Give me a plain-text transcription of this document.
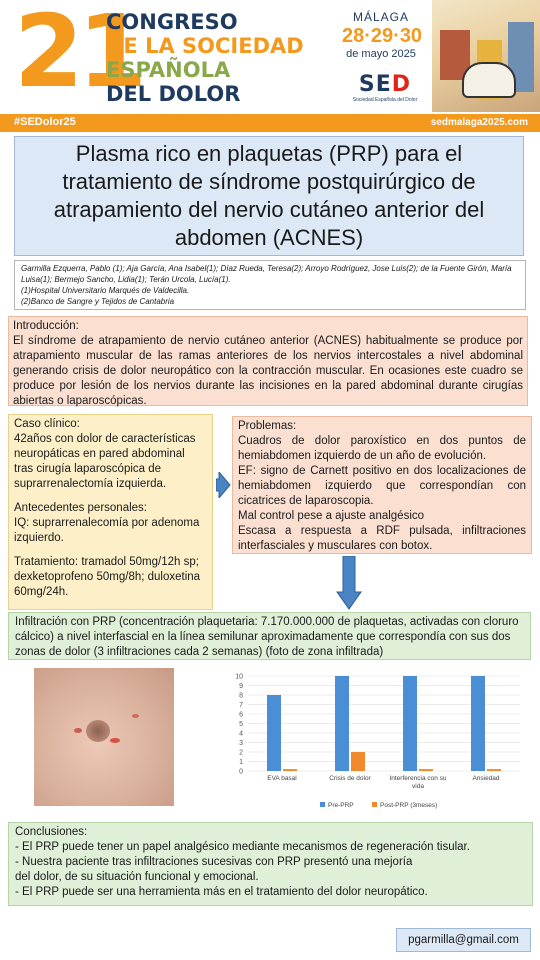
21
CONGRESO
DE LA SOCIEDAD
ESPAÑOLA
DEL DOLOR
MÁLAGA
28·29·30
de mayo 2025
SED
Sociedad Española del Dolor
#SEDolor25	sedmalaga2025.com
Plasma rico en plaquetas (PRP) para el tratamiento de síndrome postquirúrgico de atrapamiento del nervio cutáneo anterior del abdomen (ACNES)
Garmilla Ezquerra, Pablo (1); Aja García, Ana Isabel(1); Díaz Rueda, Teresa(2); Arroyo Rodríguez, Jose Luis(2); de la Fuente Girón, María Luisa(1); Bermejo Sancho, Lidia(1); Terán Urcola, Lucía(1).
(1)Hospital Universitario Marqués de Valdecilla.
(2)Banco de Sangre y Tejidos de Cantabria
Introducción:
El síndrome de atrapamiento de nervio cutáneo anterior (ACNES) habitualmente se produce por atrapamiento muscular de las ramas anteriores de los nervios intercostales a nivel abdominal generando crisis de dolor neuropático con la contracción muscular. En ocasiones este cuadro se produce por lesión de los nervios durante las incisiones en la pared abdominal durante cirugías abiertas o laparoscópicas.
Caso clínico:
42años con dolor de características neuropáticas en pared abdominal tras cirugía laparoscópica de suprarrenalectomía izquierda.
Antecedentes personales:
IQ: suprarrenalecomía por adenoma izquierdo.
Tratamiento: tramadol 50mg/12h sp; dexketoprofeno 50mg/8h; duloxetina 60mg/24h.
Problemas:
Cuadros de dolor paroxístico en dos puntos de hemiabdomen izquierdo de un año de evolución.
EF: signo de Carnett positivo en dos localizaciones de hemiabdomen izquierdo que correspondían con cicatrices de laparoscopia.
Mal control pese a ajuste analgésico
Escasa a respuesta a RDF pulsada, infiltraciones interfasciales y musculares con botox.
Infiltración con PRP (concentración plaquetaria: 7.170.000.000 de plaquetas, activadas con cloruro cálcico) a nivel interfascial en la línea semilunar aproximadamente que correspondía con sus dos zonas de dolor (3 infiltraciones cada 2 semanas) (foto de zona infiltrada)
0
1
2
3
4
5
6
7
8
9
10
EVA basal	Crisis de dolor	Interferencia con su
vida
Ansiedad
Pre-PRP	Post-PRP (3meses)
Conclusiones:
- El PRP puede tener un papel analgésico mediante mecanismos de regeneración tisular.
- Nuestra paciente tras infiltraciones sucesivas con PRP presentó una mejoría
del dolor, de su situación funcional y emocional.
- El PRP puede ser una herramienta más en el tratamiento del dolor neuropático.
pgarmilla@gmail.com
